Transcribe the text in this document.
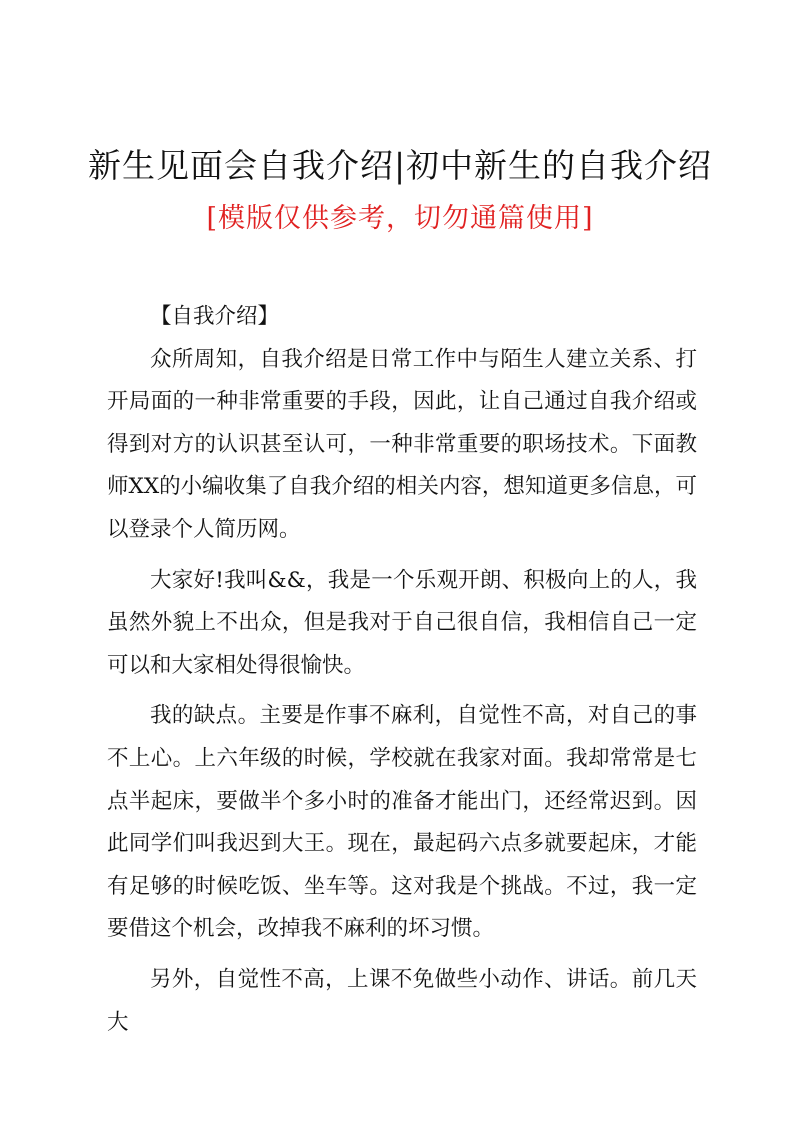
新生见面会自我介绍|初中新生的自我介绍
[模版仅供参考，切勿通篇使用]

【自我介绍】

众所周知，自我介绍是日常工作中与陌生人建立关系、打开局面的一种非常重要的手段，因此，让自己通过自我介绍或得到对方的认识甚至认可，一种非常重要的职场技术。下面教师XX的小编收集了自我介绍的相关内容，想知道更多信息，可以登录个人简历网。

大家好!我叫&&，我是一个乐观开朗、积极向上的人，我虽然外貌上不出众，但是我对于自己很自信，我相信自己一定可以和大家相处得很愉快。

我的缺点。主要是作事不麻利，自觉性不高，对自己的事不上心。上六年级的时候，学校就在我家对面。我却常常是七点半起床，要做半个多小时的准备才能出门，还经常迟到。因此同学们叫我迟到大王。现在，最起码六点多就要起床，才能有足够的时候吃饭、坐车等。这对我是个挑战。不过，我一定要借这个机会，改掉我不麻利的坏习惯。

另外，自觉性不高，上课不免做些小动作、讲话。前几天大
